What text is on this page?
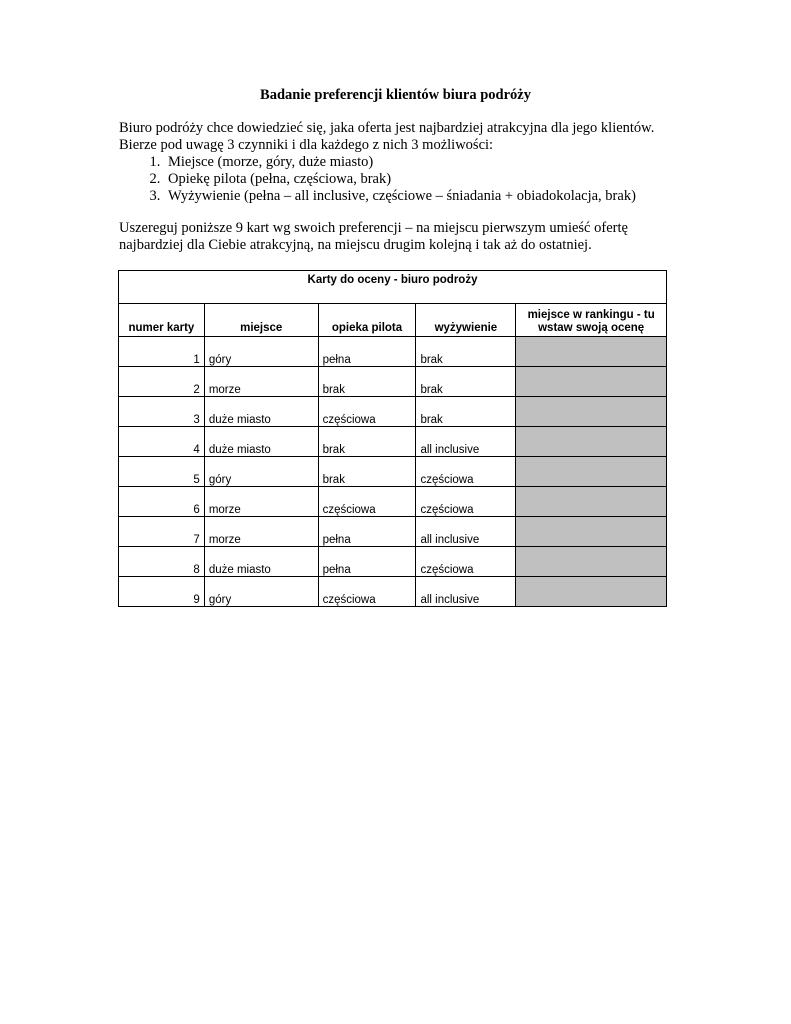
Badanie preferencji klientów biura podróży

Biuro podróży chce dowiedzieć się, jaka oferta jest najbardziej atrakcyjna dla jego klientów.

Bierze pod uwagę 3 czynniki i dla każdego z nich 3 możliwości:

1. Miejsce (morze, góry, duże miasto)
2. Opiekę pilota (pełna, częściowa, brak)
3. Wyżywienie (pełna – all inclusive, częściowe – śniadania + obiadokolacja, brak)

Uszereguj poniższe 9 kart wg swoich preferencji – na miejscu pierwszym umieść ofertę

najbardziej dla Ciebie atrakcyjną, na miejscu drugim kolejną i tak aż do ostatniej.

Karty do oceny - biuro podroży				
numer karty	miejsce	opieka pilota	wyżywienie	miejsce w rankingu - tu wstaw swoją ocenę
1	góry	pełna	brak	
2	morze	brak	brak	
3	duże miasto	częściowa	brak	
4	duże miasto	brak	all inclusive	
5	góry	brak	częściowa	
6	morze	częściowa	częściowa	
7	morze	pełna	all inclusive	
8	duże miasto	pełna	częściowa	
9	góry	częściowa	all inclusive	
